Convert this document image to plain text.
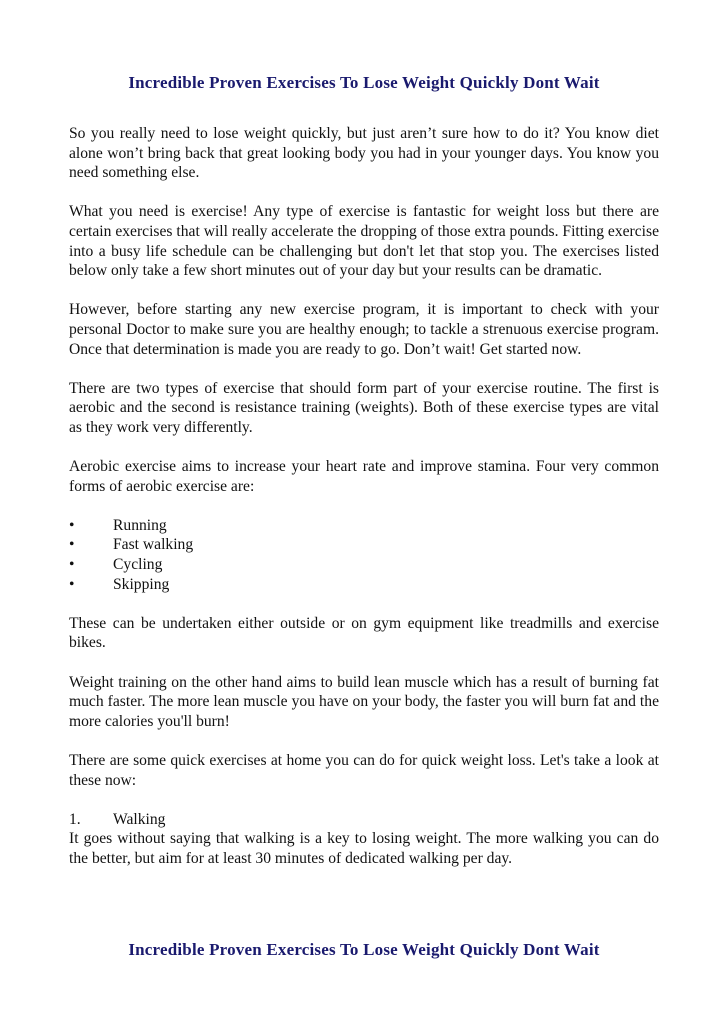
Incredible Proven Exercises To Lose Weight Quickly Dont Wait

So you really need to lose weight quickly, but just aren’t sure how to do it? You know diet alone won’t bring back that great looking body you had in your younger days. You know you need something else.

What you need is exercise! Any type of exercise is fantastic for weight loss but there are certain exercises that will really accelerate the dropping of those extra pounds. Fitting exercise into a busy life schedule can be challenging but don't let that stop you. The exercises listed below only take a few short minutes out of your day but your results can be dramatic.

However, before starting any new exercise program, it is important to check with your personal Doctor to make sure you are healthy enough; to tackle a strenuous exercise program. Once that determination is made you are ready to go. Don’t wait! Get started now.

There are two types of exercise that should form part of your exercise routine. The first is aerobic and the second is resistance training (weights). Both of these exercise types are vital as they work very differently.

Aerobic exercise aims to increase your heart rate and improve stamina. Four very common forms of aerobic exercise are:

•	Running
•	Fast walking
•	Cycling
•	Skipping

These can be undertaken either outside or on gym equipment like treadmills and exercise bikes.

Weight training on the other hand aims to build lean muscle which has a result of burning fat much faster. The more lean muscle you have on your body, the faster you will burn fat and the more calories you'll burn!

There are some quick exercises at home you can do for quick weight loss. Let's take a look at these now:

1.	Walking

It goes without saying that walking is a key to losing weight. The more walking you can do the better, but aim for at least 30 minutes of dedicated walking per day.

Incredible Proven Exercises To Lose Weight Quickly Dont Wait
